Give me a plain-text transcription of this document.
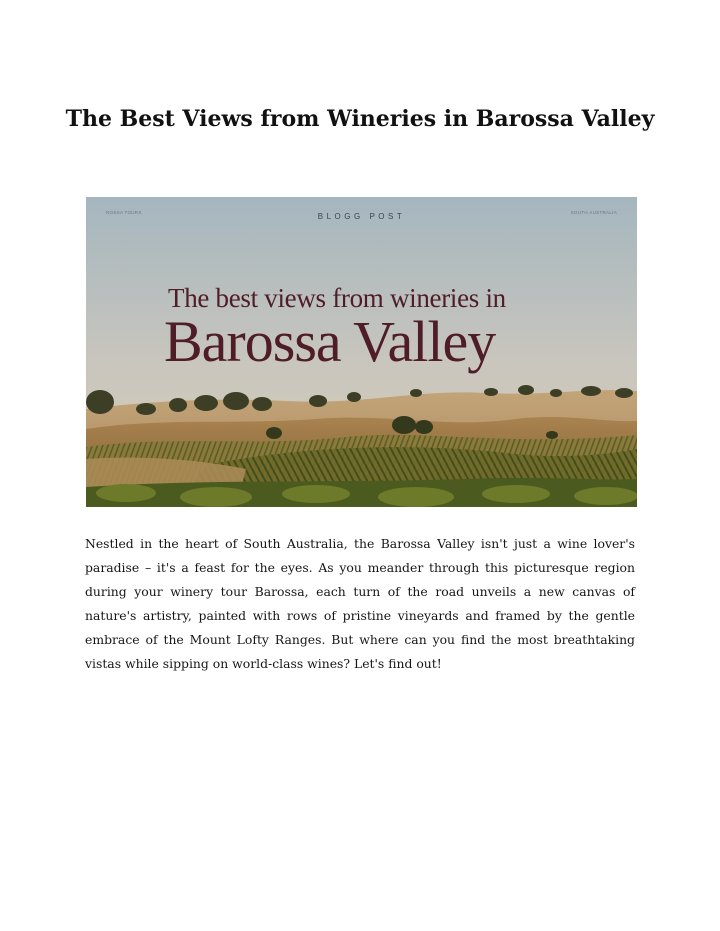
The Best Views from Wineries in Barossa Valley
ROSSA TOURS	SOUTH AUSTRALIA
BLOGG POST
The best views from wineries in
Barossa Valley

Nestled in the heart of South Australia, the Barossa Valley isn't just a wine lover's paradise – it's a feast for the eyes. As you meander through this picturesque region during your winery tour Barossa, each turn of the road unveils a new canvas of nature's artistry, painted with rows of pristine vineyards and framed by the gentle embrace of the Mount Lofty Ranges. But where can you find the most breathtaking vistas while sipping on world-class wines? Let's find out!
